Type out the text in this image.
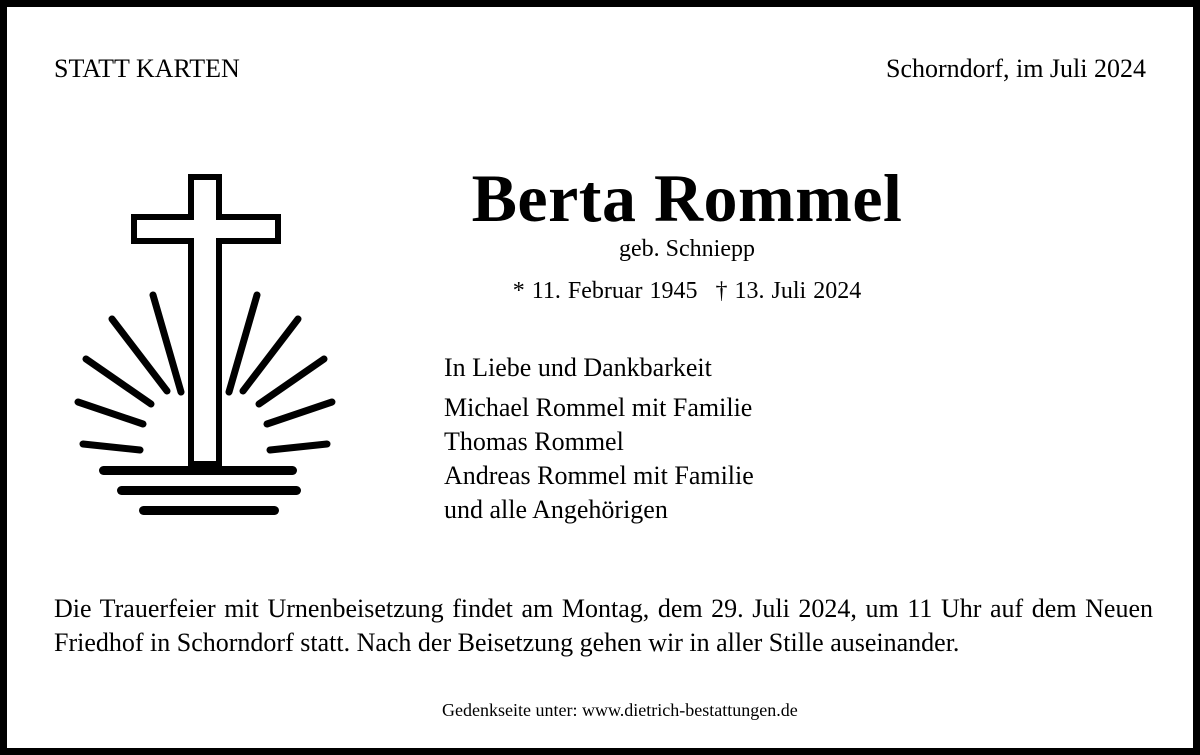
STATT KARTEN	Schorndorf, im Juli 2024
Berta Rommel
geb. Schniepp
* 11. Februar 1945 † 13. Juli 2024
In Liebe und Dankbarkeit
Michael Rommel mit Familie
Thomas Rommel
Andreas Rommel mit Familie
und alle Angehörigen
Die Trauerfeier mit Urnenbeisetzung findet am Montag, dem 29. Juli 2024, um 11 Uhr auf dem Neuen Friedhof in Schorndorf statt. Nach der Beisetzung gehen wir in aller Stille auseinander.
Gedenkseite unter: www.dietrich-bestattungen.de
